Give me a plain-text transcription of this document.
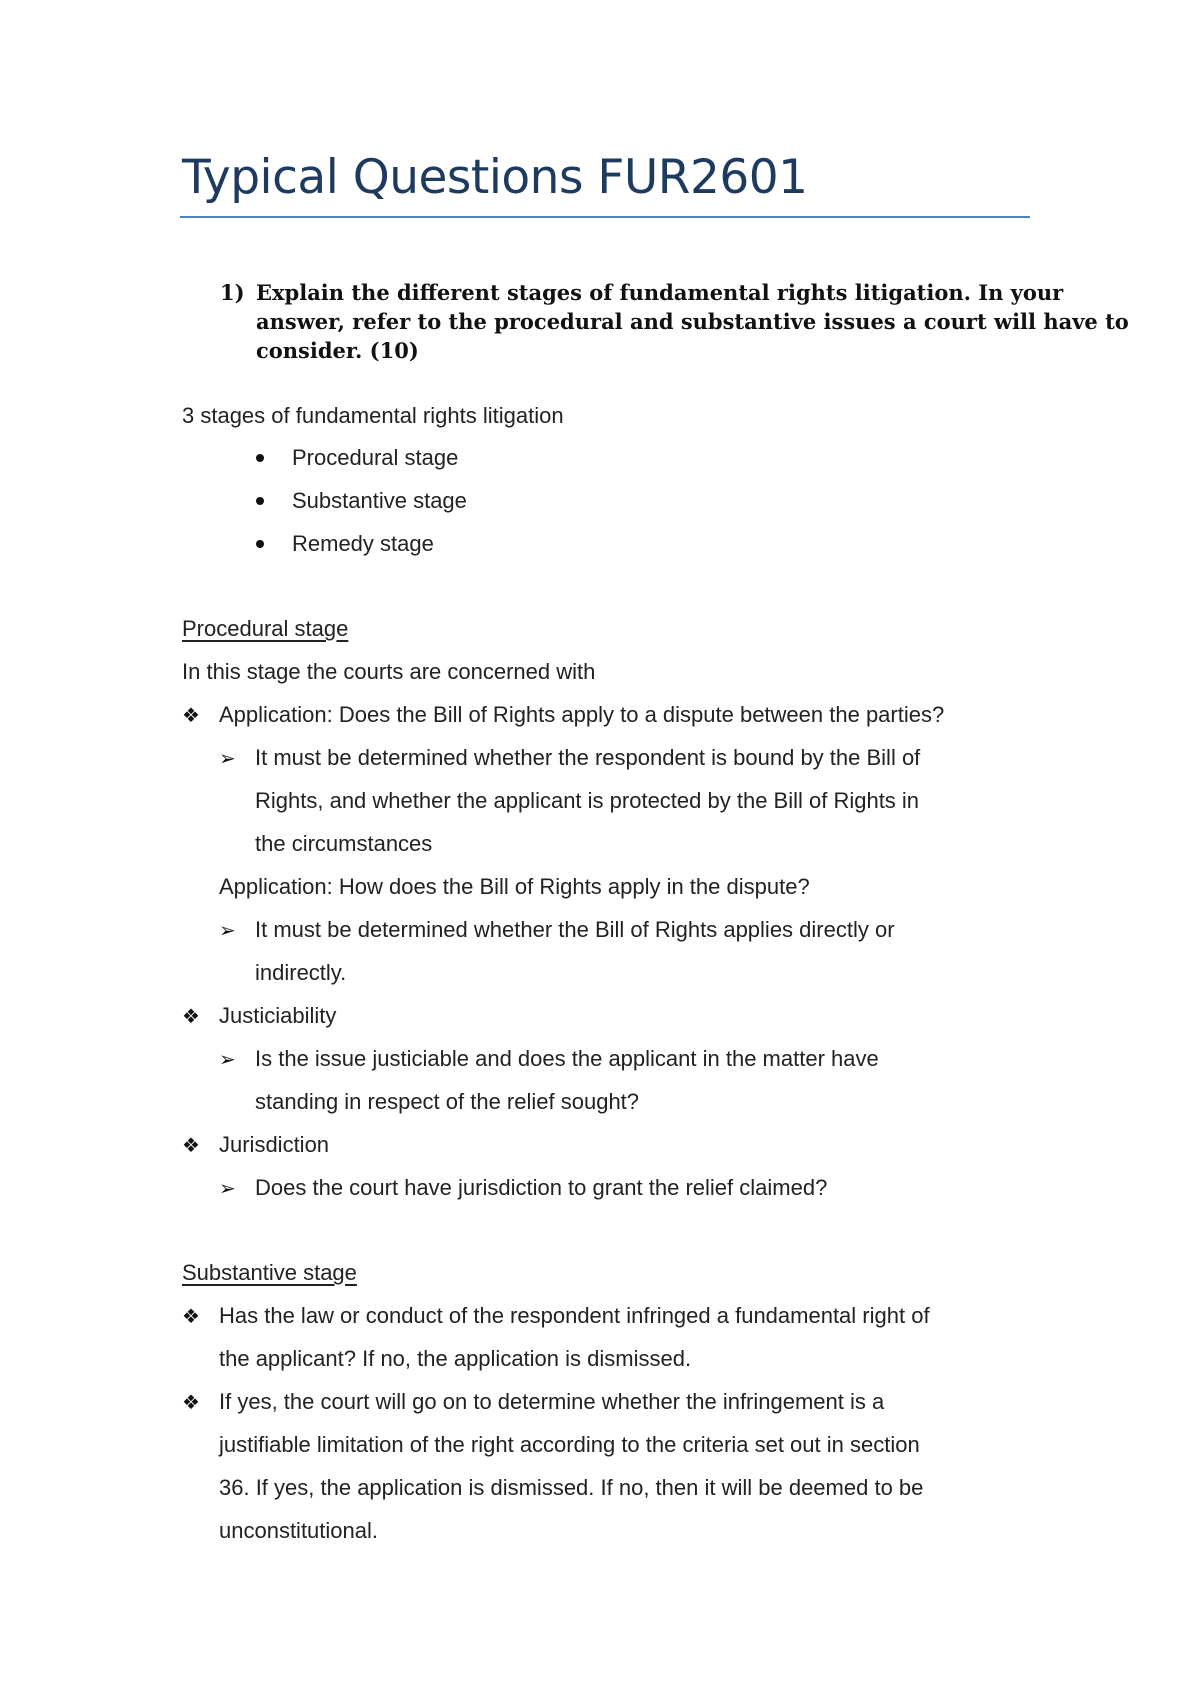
Typical Questions FUR2601
1) Explain the different stages of fundamental rights litigation. In your
answer, refer to the procedural and substantive issues a court will have to
consider. (10)
3 stages of fundamental rights litigation
Procedural stage
Substantive stage
Remedy stage
Procedural stage
In this stage the courts are concerned with
❖ Application: Does the Bill of Rights apply to a dispute between the parties?
➢ It must be determined whether the respondent is bound by the Bill of
Rights, and whether the applicant is protected by the Bill of Rights in
the circumstances
Application: How does the Bill of Rights apply in the dispute?
➢ It must be determined whether the Bill of Rights applies directly or
indirectly.
❖ Justiciability
➢ Is the issue justiciable and does the applicant in the matter have
standing in respect of the relief sought?
❖ Jurisdiction
➢ Does the court have jurisdiction to grant the relief claimed?
Substantive stage
❖ Has the law or conduct of the respondent infringed a fundamental right of
the applicant? If no, the application is dismissed.
❖ If yes, the court will go on to determine whether the infringement is a
justifiable limitation of the right according to the criteria set out in section
36. If yes, the application is dismissed. If no, then it will be deemed to be
unconstitutional.
